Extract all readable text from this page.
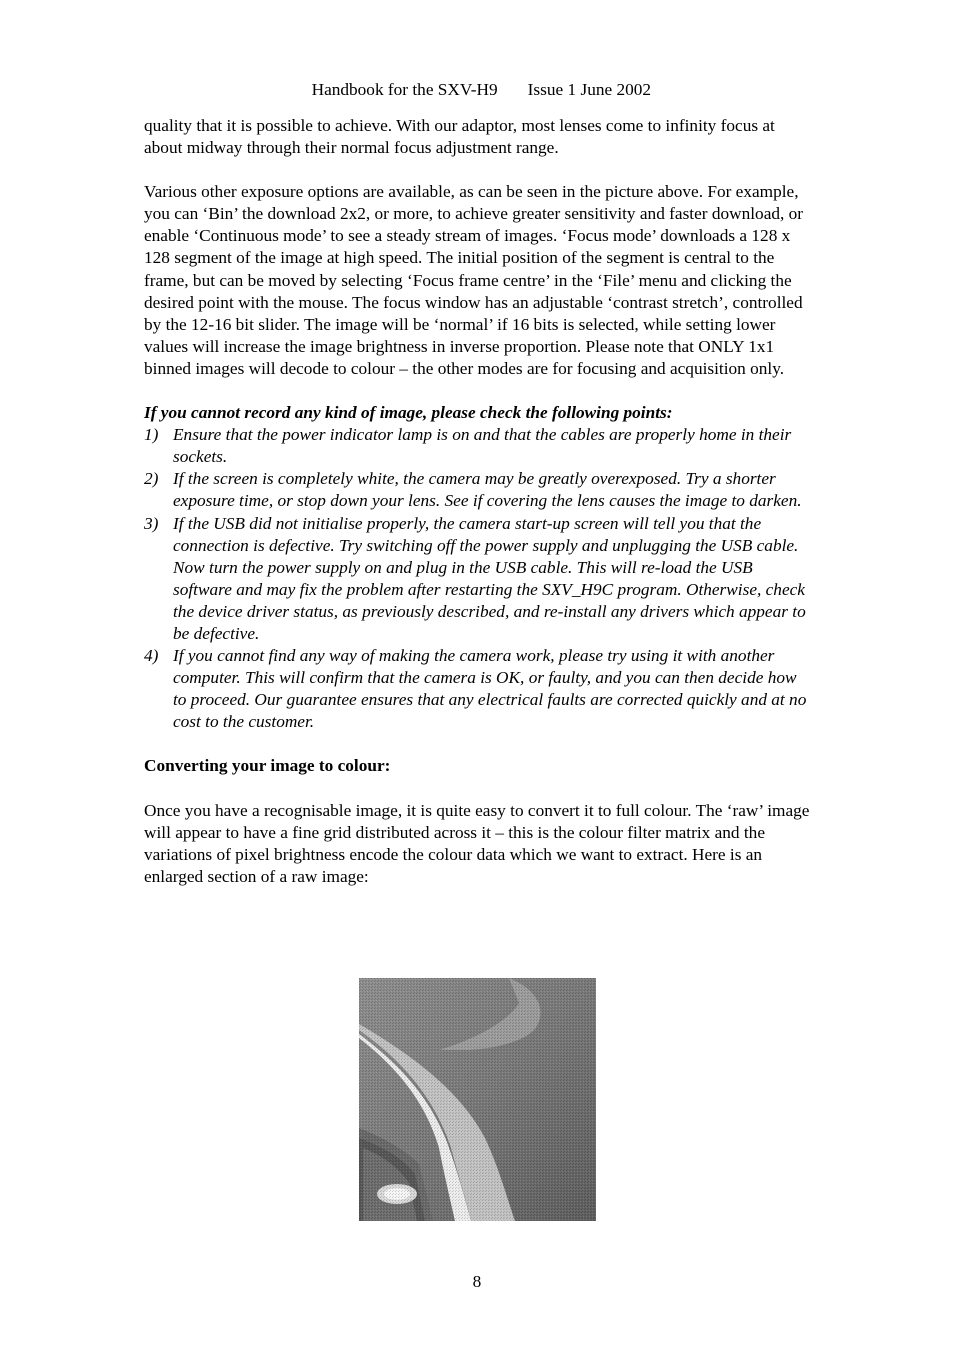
Handbook for the SXV-H9 Issue 1 June 2002

quality that it is possible to achieve. With our adaptor, most lenses come to infinity focus at about midway through their normal focus adjustment range.

Various other exposure options are available, as can be seen in the picture above. For example, you can ‘Bin’ the download 2x2, or more, to achieve greater sensitivity and faster download, or enable ‘Continuous mode’ to see a steady stream of images. ‘Focus mode’ downloads a 128 x 128 segment of the image at high speed. The initial position of the segment is central to the frame, but can be moved by selecting ‘Focus frame centre’ in the ‘File’ menu and clicking the desired point with the mouse. The focus window has an adjustable ‘contrast stretch’, controlled by the 12-16 bit slider. The image will be ‘normal’ if 16 bits is selected, while setting lower values will increase the image brightness in inverse proportion. Please note that ONLY 1x1 binned images will decode to colour – the other modes are for focusing and acquisition only.

If you cannot record any kind of image, please check the following points:

1) Ensure that the power indicator lamp is on and that the cables are properly home in their sockets.
2) If the screen is completely white, the camera may be greatly overexposed. Try a shorter exposure time, or stop down your lens. See if covering the lens causes the image to darken.
3) If the USB did not initialise properly, the camera start-up screen will tell you that the connection is defective. Try switching off the power supply and unplugging the USB cable. Now turn the power supply on and plug in the USB cable. This will re-load the USB software and may fix the problem after restarting the SXV_H9C program. Otherwise, check the device driver status, as previously described, and re-install any drivers which appear to be defective.
4) If you cannot find any way of making the camera work, please try using it with another computer. This will confirm that the camera is OK, or faulty, and you can then decide how to proceed. Our guarantee ensures that any electrical faults are corrected quickly and at no cost to the customer.

Converting your image to colour:

Once you have a recognisable image, it is quite easy to convert it to full colour. The ‘raw’ image will appear to have a fine grid distributed across it – this is the colour filter matrix and the variations of pixel brightness encode the colour data which we want to extract. Here is an enlarged section of a raw image:

8
